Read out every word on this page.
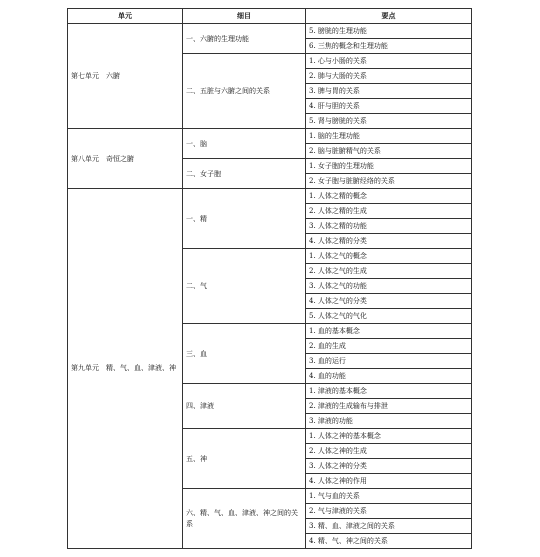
单元	细目	要点
第七单元　六腑	一、六腑的生理功能	5. 膀胱的生理功能
		6. 三焦的概念和生理功能
	二、五脏与六腑之间的关系	1. 心与小肠的关系
		2. 肺与大肠的关系
		3. 脾与胃的关系
		4. 肝与胆的关系
		5. 肾与膀胱的关系
第八单元　奇恒之腑	一、脑	1. 脑的生理功能
		2. 脑与脏腑精气的关系
	二、女子胞	1. 女子胞的生理功能
		2. 女子胞与脏腑经络的关系
第九单元　精、气、血、津液、神	一、精	1. 人体之精的概念
		2. 人体之精的生成
		3. 人体之精的功能
		4. 人体之精的分类
	二、气	1. 人体之气的概念
		2. 人体之气的生成
		3. 人体之气的功能
		4. 人体之气的分类
		5. 人体之气的气化
	三、血	1. 血的基本概念
		2. 血的生成
		3. 血的运行
		4. 血的功能
	四、津液	1. 津液的基本概念
		2. 津液的生成输布与排泄
		3. 津液的功能
	五、神	1. 人体之神的基本概念
		2. 人体之神的生成
		3. 人体之神的分类
		4. 人体之神的作用
	六、精、气、血、津液、神之间的关系	1. 气与血的关系
		2. 气与津液的关系
		3. 精、血、津液之间的关系
		4. 精、气、神之间的关系
